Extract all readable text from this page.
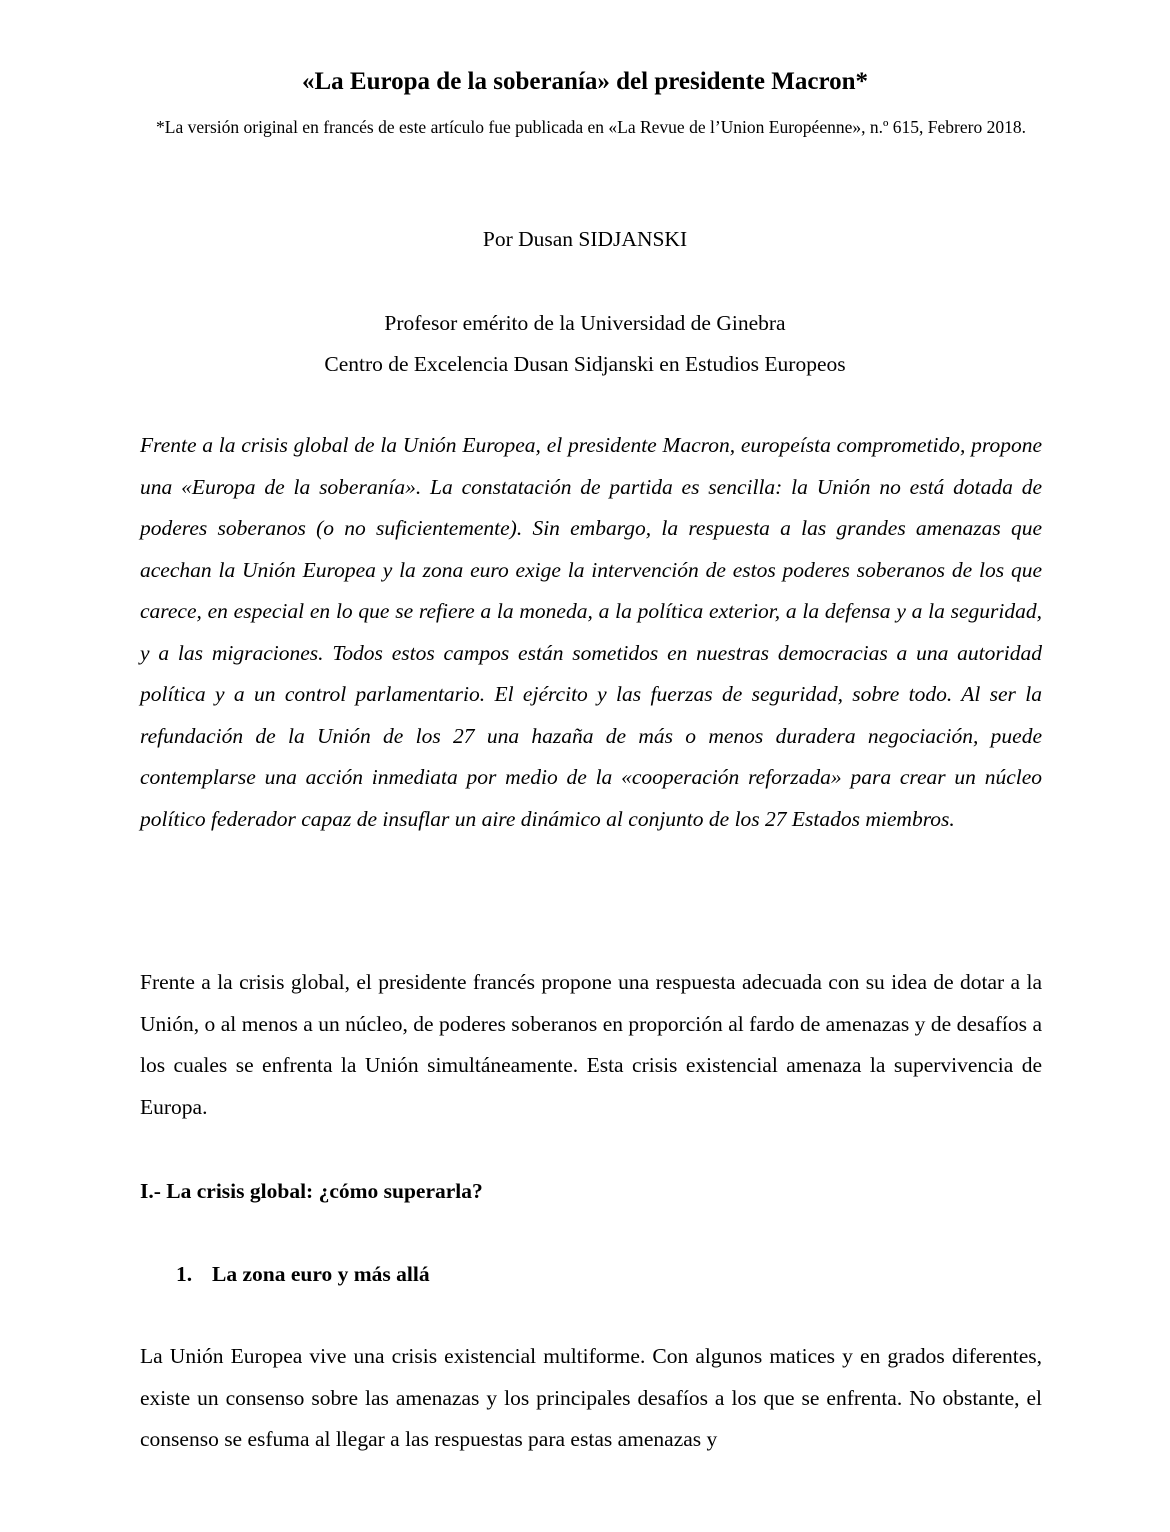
«La Europa de la soberanía» del presidente Macron*

*La versión original en francés de este artículo fue publicada en «La Revue de l’Union Européenne», n.º 615, Febrero 2018.

Por Dusan SIDJANSKI

Profesor emérito de la Universidad de Ginebra
Centro de Excelencia Dusan Sidjanski en Estudios Europeos

Frente a la crisis global de la Unión Europea, el presidente Macron, europeísta comprometido, propone una «Europa de la soberanía». La constatación de partida es sencilla: la Unión no está dotada de poderes soberanos (o no suficientemente). Sin embargo, la respuesta a las grandes amenazas que acechan la Unión Europea y la zona euro exige la intervención de estos poderes soberanos de los que carece, en especial en lo que se refiere a la moneda, a la política exterior, a la defensa y a la seguridad, y a las migraciones. Todos estos campos están sometidos en nuestras democracias a una autoridad política y a un control parlamentario. El ejército y las fuerzas de seguridad, sobre todo. Al ser la refundación de la Unión de los 27 una hazaña de más o menos duradera negociación, puede contemplarse una acción inmediata por medio de la «cooperación reforzada» para crear un núcleo político federador capaz de insuflar un aire dinámico al conjunto de los 27 Estados miembros.

Frente a la crisis global, el presidente francés propone una respuesta adecuada con su idea de dotar a la Unión, o al menos a un núcleo, de poderes soberanos en proporción al fardo de amenazas y de desafíos a los cuales se enfrenta la Unión simultáneamente. Esta crisis existencial amenaza la supervivencia de Europa.

I.- La crisis global: ¿cómo superarla?
1. La zona euro y más allá

La Unión Europea vive una crisis existencial multiforme. Con algunos matices y en grados diferentes, existe un consenso sobre las amenazas y los principales desafíos a los que se enfrenta. No obstante, el consenso se esfuma al llegar a las respuestas para estas amenazas y
